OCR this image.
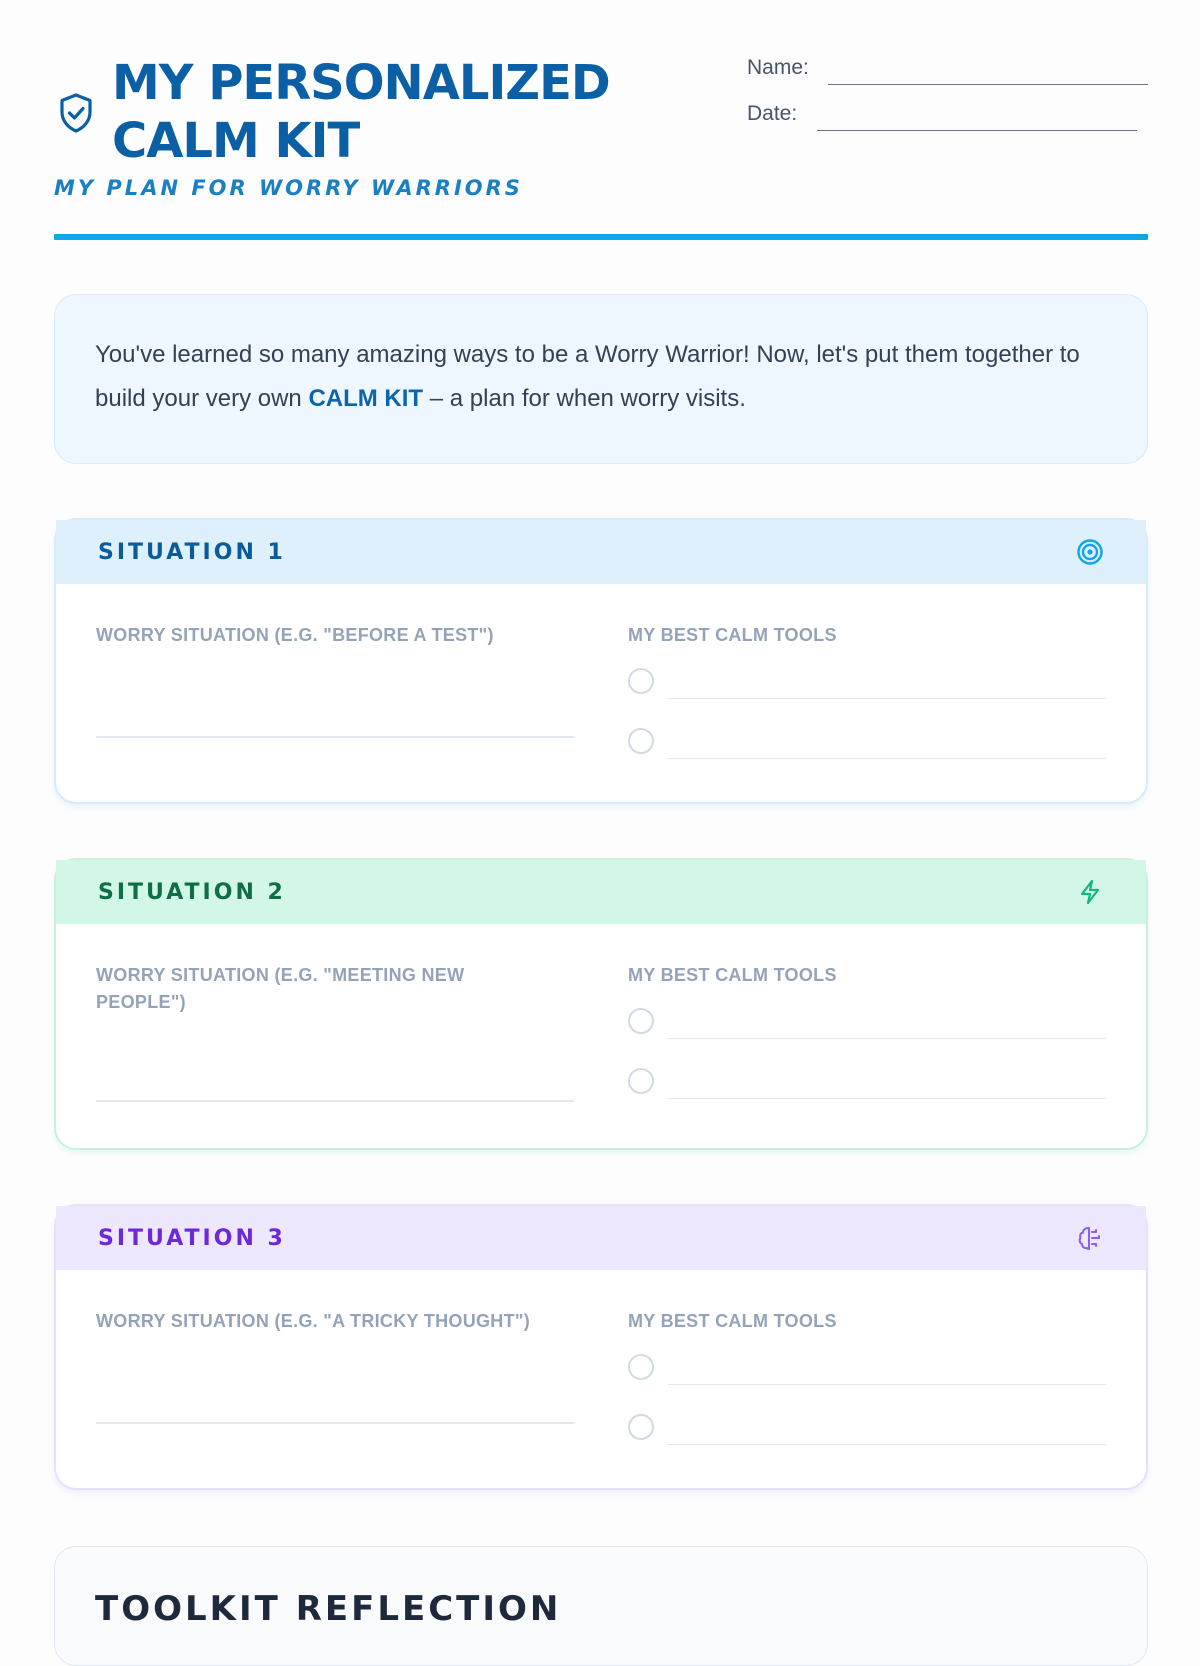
MY PERSONALIZED CALM KIT
MY PLAN FOR WORRY WARRIORS
Name:
Date:

You've learned so many amazing ways to be a Worry Warrior! Now, let's put them together to build your very own CALM KIT – a plan for when worry visits.

SITUATION 1
WORRY SITUATION (E.G. "BEFORE A TEST")	MY BEST CALM TOOLS
SITUATION 2
WORRY SITUATION (E.G. "MEETING NEW PEOPLE")
MY BEST CALM TOOLS
SITUATION 3
WORRY SITUATION (E.G. "A TRICKY THOUGHT")	MY BEST CALM TOOLS
TOOLKIT REFLECTION
